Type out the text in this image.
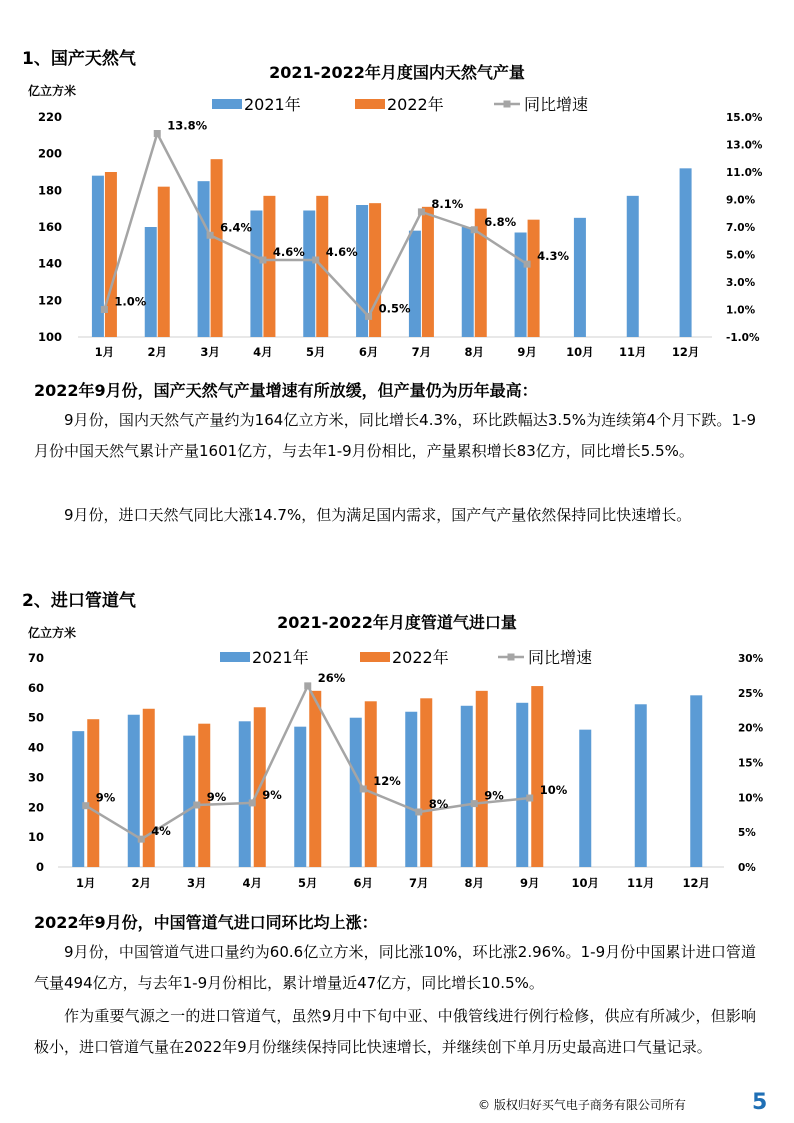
1、国产天然气
2021-2022年月度国内天然气产量
亿立方米
100
120
140
160
180
200
220
-1.0%
1.0%
3.0%
5.0%
7.0%
9.0%
11.0%
13.0%
15.0%
1月	2月	3月	4月	5月	6月	7月	8月	9月	10月 11月 12月
1.0%
13.8%
6.4%
4.6% 4.6%
0.5%
8.1%
6.8%
4.3%
2021年	2022年	同比增速
2022年9月份，国产天然气产量增速有所放缓，但产量仍为历年最高：
9月份，国内天然气产量约为164亿立方米，同比增长4.3%，环比跌幅达3.5%为连续第4个月下跌。1-9月份中国天然气累计产量1601亿方，与去年1-9月份相比，产量累积增长83亿方，同比增长5.5%。
9月份，进口天然气同比大涨14.7%，但为满足国内需求，国产气产量依然保持同比快速增长。
2、进口管道气
2021-2022年月度管道气进口量
亿立方米
0
10
20
30
40
50
60
70
0%
5%
10%
15%
20%
25%
30%
1月	2月	3月	4月	5月	6月	7月	8月	9月	10月 11月 12月
9%
4%
9%	9%
26%
12%
8%
9%	10%
2021年	2022年	同比增速
2022年9月份，中国管道气进口同环比均上涨：
9月份，中国管道气进口量约为60.6亿立方米，同比涨10%，环比涨2.96%。1-9月份中国累计进口管道气量494亿方，与去年1-9月份相比，累计增量近47亿方，同比增长10.5%。
作为重要气源之一的进口管道气，虽然9月中下旬中亚、中俄管线进行例行检修，供应有所减少，但影响极小，进口管道气量在2022年9月份继续保持同比快速增长，并继续创下单月历史最高进口气量记录。
© 版权归好买气电子商务有限公司所有	5
